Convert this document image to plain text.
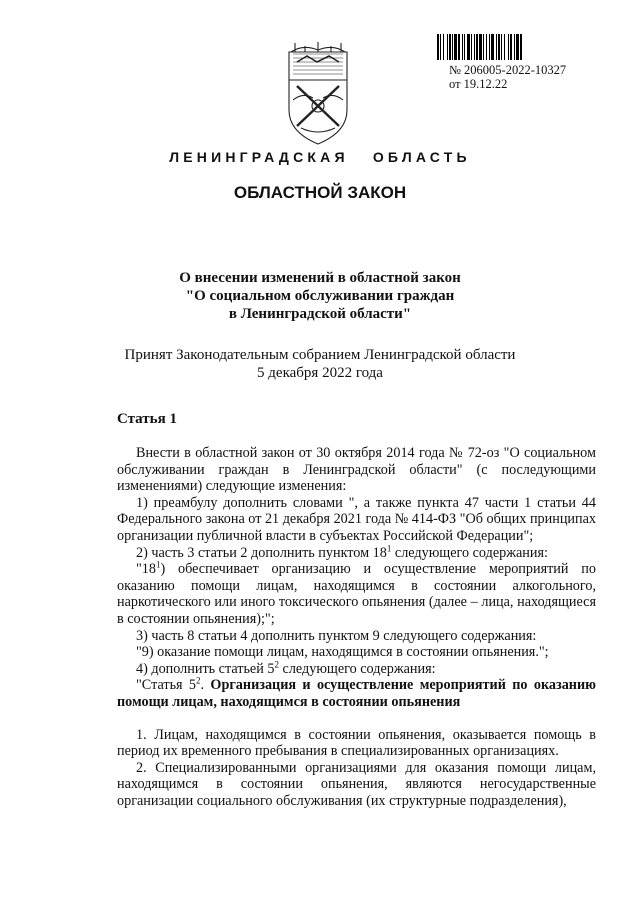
№ 206005-2022-10327
от 19.12.22
ЛЕНИНГРАДСКАЯ ОБЛАСТЬ
ОБЛАСТНОЙ ЗАКОН
О внесении изменений в областной закон
"О социальном обслуживании граждан
в Ленинградской области"
Принят Законодательным собранием Ленинградской области
5 декабря 2022 года
Статья 1

Внести в областной закон от 30 октября 2014 года № 72-оз "О социальном обслуживании граждан в Ленинградской области" (с последующими изменениями) следующие изменения:

1) преамбулу дополнить словами ", а также пункта 47 части 1 статьи 44 Федерального закона от 21 декабря 2021 года № 414-ФЗ "Об общих принципах организации публичной власти в субъектах Российской Федерации";

2) часть 3 статьи 2 дополнить пунктом $18^1$ следующего содержания:

"$18^1$) обеспечивает организацию и осуществление мероприятий по оказанию помощи лицам, находящимся в состоянии алкогольного, наркотического или иного токсического опьянения (далее – лица, находящиеся в состоянии опьянения);";

3) часть 8 статьи 4 дополнить пунктом 9 следующего содержания:

"9) оказание помощи лицам, находящимся в состоянии опьянения.";

4) дополнить статьей $5^2$ следующего содержания:

"Статья $5^2$. Организация и осуществление мероприятий по оказанию помощи лицам, находящимся в состоянии опьянения

1. Лицам, находящимся в состоянии опьянения, оказывается помощь в период их временного пребывания в специализированных организациях.

2. Специализированными организациями для оказания помощи лицам, находящимся в состоянии опьянения, являются негосударственные организации социального обслуживания (их структурные подразделения),
